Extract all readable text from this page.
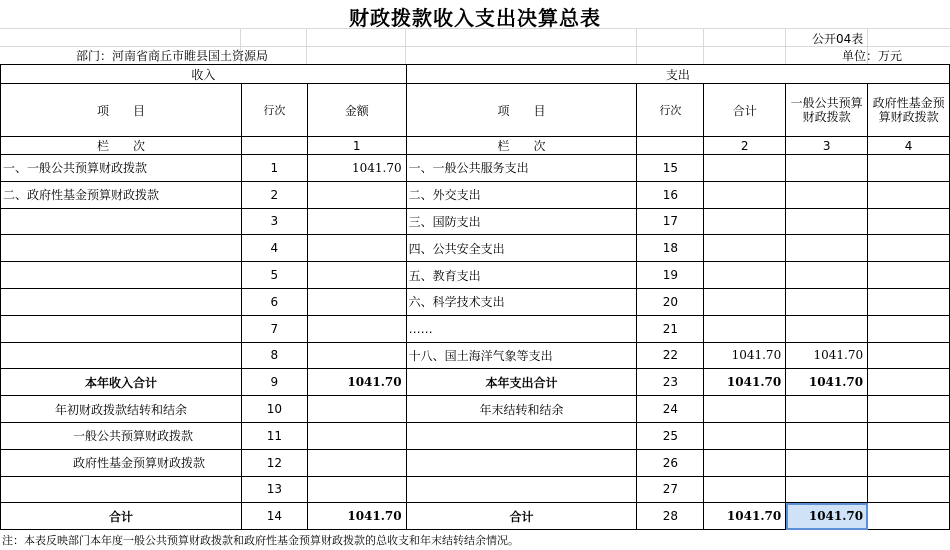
财政拨款收入支出决算总表
公开04表
部门：河南省商丘市睢县国土资源局	单位：万元
收入			支出				
项　　目	行次	金额	项　　目	行次	合计	一般公共预算财政拨款	政府性基金预算财政拨款
栏　　次		1	栏　　次		2	3	4
一、一般公共预算财政拨款	1	1041.70	一、一般公共服务支出	15			
二、政府性基金预算财政拨款	2		二、外交支出	16			
	3		三、国防支出	17			
	4		四、公共安全支出	18			
	5		五、教育支出	19			
	6		六、科学技术支出	20			
	7		……	21			
	8		十八、国土海洋气象等支出	22	1041.70	1041.70	
本年收入合计	9	1041.70	本年支出合计	23	1041.70	1041.70	
年初财政拨款结转和结余	10		年末结转和结余	24			
一般公共预算财政拨款	11			25			
政府性基金预算财政拨款	12			26			
	13			27			
合计	14	1041.70	合计	28	1041.70	1041.70	
注：本表反映部门本年度一般公共预算财政拨款和政府性基金预算财政拨款的总收支和年末结转结余情况。
